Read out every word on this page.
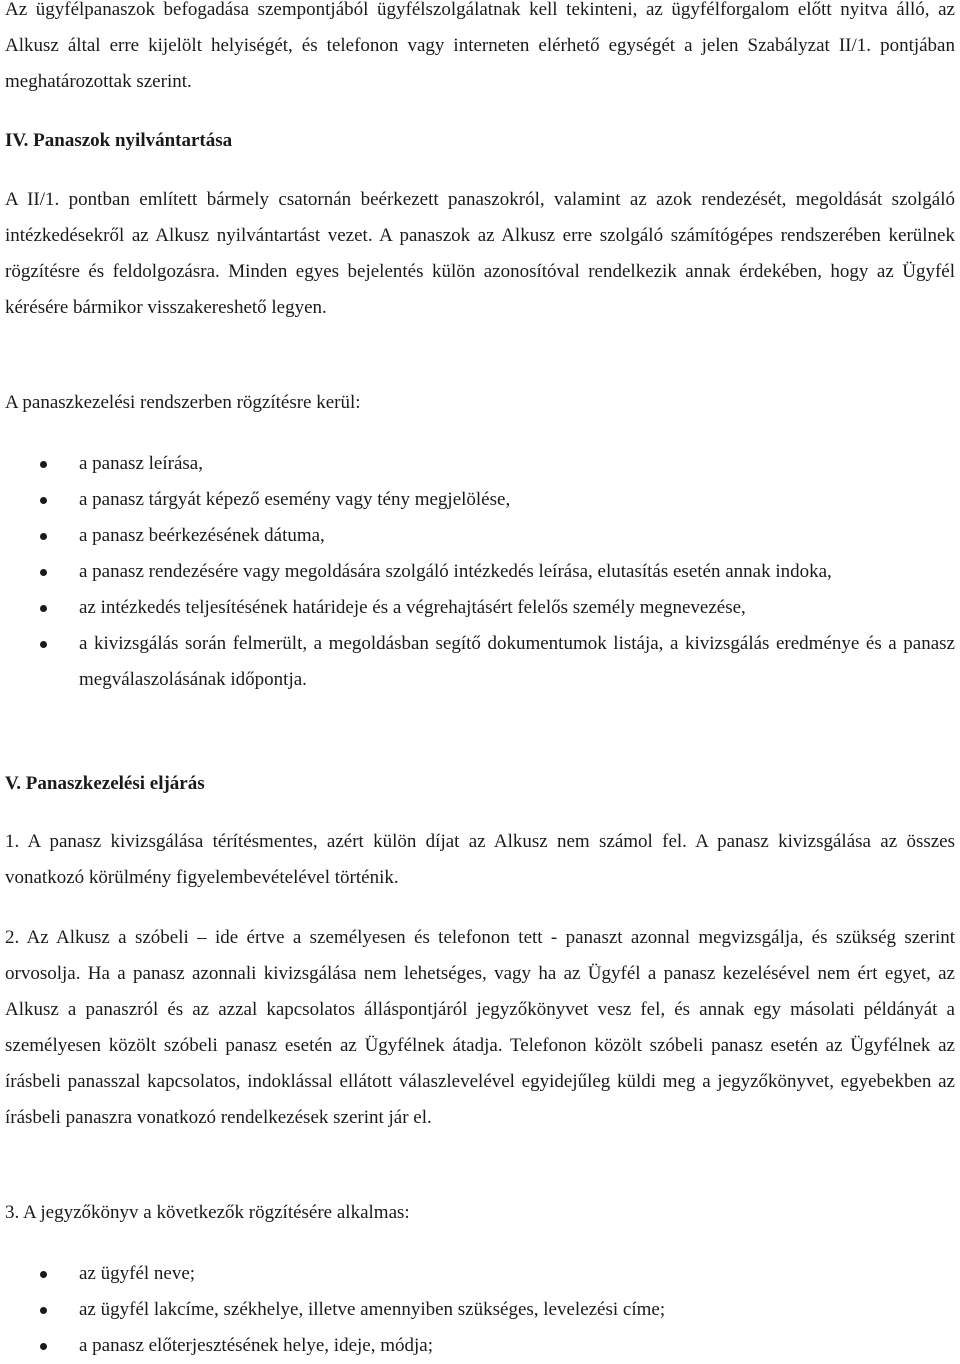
Az ügyfélpanaszok befogadása szempontjából ügyfélszolgálatnak kell tekinteni, az ügyfélforgalom előtt nyitva álló, az Alkusz által erre kijelölt helyiségét, és telefonon vagy interneten elérhető egységét a jelen Szabályzat II/1. pontjában meghatározottak szerint.

IV. Panaszok nyilvántartása

A II/1. pontban említett bármely csatornán beérkezett panaszokról, valamint az azok rendezését, megoldását szolgáló intézkedésekről az Alkusz nyilvántartást vezet. A panaszok az Alkusz erre szolgáló számítógépes rendszerében kerülnek rögzítésre és feldolgozásra. Minden egyes bejelentés külön azonosítóval rendelkezik annak érdekében, hogy az Ügyfél kérésére bármikor visszakereshető legyen.

A panaszkezelési rendszerben rögzítésre kerül:

a panasz leírása,
a panasz tárgyát képező esemény vagy tény megjelölése,
a panasz beérkezésének dátuma,
a panasz rendezésére vagy megoldására szolgáló intézkedés leírása, elutasítás esetén annak indoka,
az intézkedés teljesítésének határideje és a végrehajtásért felelős személy megnevezése,
a kivizsgálás során felmerült, a megoldásban segítő dokumentumok listája, a kivizsgálás eredménye és a panasz megválaszolásának időpontja.
V. Panaszkezelési eljárás

1. A panasz kivizsgálása térítésmentes, azért külön díjat az Alkusz nem számol fel. A panasz kivizsgálása az összes vonatkozó körülmény figyelembevételével történik.

2. Az Alkusz a szóbeli – ide értve a személyesen és telefonon tett - panaszt azonnal megvizsgálja, és szükség szerint orvosolja. Ha a panasz azonnali kivizsgálása nem lehetséges, vagy ha az Ügyfél a panasz kezelésével nem ért egyet, az Alkusz a panaszról és az azzal kapcsolatos álláspontjáról jegyzőkönyvet vesz fel, és annak egy másolati példányát a személyesen közölt szóbeli panasz esetén az Ügyfélnek átadja. Telefonon közölt szóbeli panasz esetén az Ügyfélnek az írásbeli panasszal kapcsolatos, indoklással ellátott válaszlevelével egyidejűleg küldi meg a jegyzőkönyvet, egyebekben az írásbeli panaszra vonatkozó rendelkezések szerint jár el.

3. A jegyzőkönyv a következők rögzítésére alkalmas:

az ügyfél neve;
az ügyfél lakcíme, székhelye, illetve amennyiben szükséges, levelezési címe;
a panasz előterjesztésének helye, ideje, módja;
